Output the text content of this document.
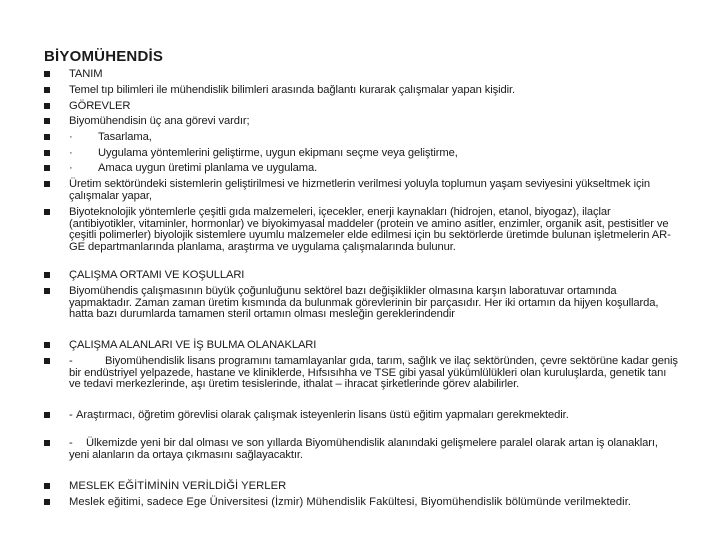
BİYOMÜHENDİS
TANIM
Temel tıp bilimleri ile mühendislik bilimleri arasında bağlantı kurarak çalışmalar yapan kişidir.
GÖREVLER
Biyomühendisin üç ana görevi vardır;
· Tasarlama,
· Uygulama yöntemlerini geliştirme, uygun ekipmanı seçme veya geliştirme,
· Amaca uygun üretimi planlama ve uygulama.
Üretim sektöründeki sistemlerin geliştirilmesi ve hizmetlerin verilmesi yoluyla toplumun yaşam seviyesini yükseltmek için çalışmalar yapar,
Biyoteknolojik yöntemlerle çeşitli gıda malzemeleri, içecekler, enerji kaynakları (hidrojen, etanol, biyogaz), ilaçlar (antibiyotikler, vitaminler, hormonlar) ve biyokimyasal maddeler (protein ve amino asitler, enzimler, organik asit, pestisitler ve çeşitli polimerler) biyolojik sistemlere uyumlu malzemeler elde edilmesi için bu sektörlerde üretimde bulunan işletmelerin AR-GE departmanlarında planlama, araştırma ve uygulama çalışmalarında bulunur.
ÇALIŞMA ORTAMI VE KOŞULLARI
Biyomühendis çalışmasının büyük çoğunluğunu sektörel bazı değişiklikler olmasına karşın laboratuvar ortamında yapmaktadır. Zaman zaman üretim kısmında da bulunmak görevlerinin bir parçasıdır. Her iki ortamın da hijyen koşullarda, hatta bazı durumlarda tamamen steril ortamın olması mesleğin gereklerindendir
ÇALIŞMA ALANLARI VE İŞ BULMA OLANAKLARI
-	Biyomühendislik lisans programını tamamlayanlar gıda, tarım, sağlık ve ilaç sektöründen, çevre sektörüne kadar geniş bir endüstriyel yelpazede, hastane ve kliniklerde, Hıfsısıhha ve TSE gibi yasal yükümlülükleri olan kuruluşlarda, genetik tanı ve tedavi merkezlerinde, aşı üretim tesislerinde, ithalat – ihracat şirketlerinde görev alabilirler.
- Araştırmacı, öğretim görevlisi olarak çalışmak isteyenlerin lisans üstü eğitim yapmaları gerekmektedir.
- Ülkemizde yeni bir dal olması ve son yıllarda Biyomühendislik alanındaki gelişmelere paralel olarak artan iş olanakları, yeni alanların da ortaya çıkmasını sağlayacaktır.
MESLEK EĞİTİMİNİN VERİLDİĞİ YERLER
Meslek eğitimi, sadece Ege Üniversitesi (İzmir) Mühendislik Fakültesi, Biyomühendislik bölümünde verilmektedir.
